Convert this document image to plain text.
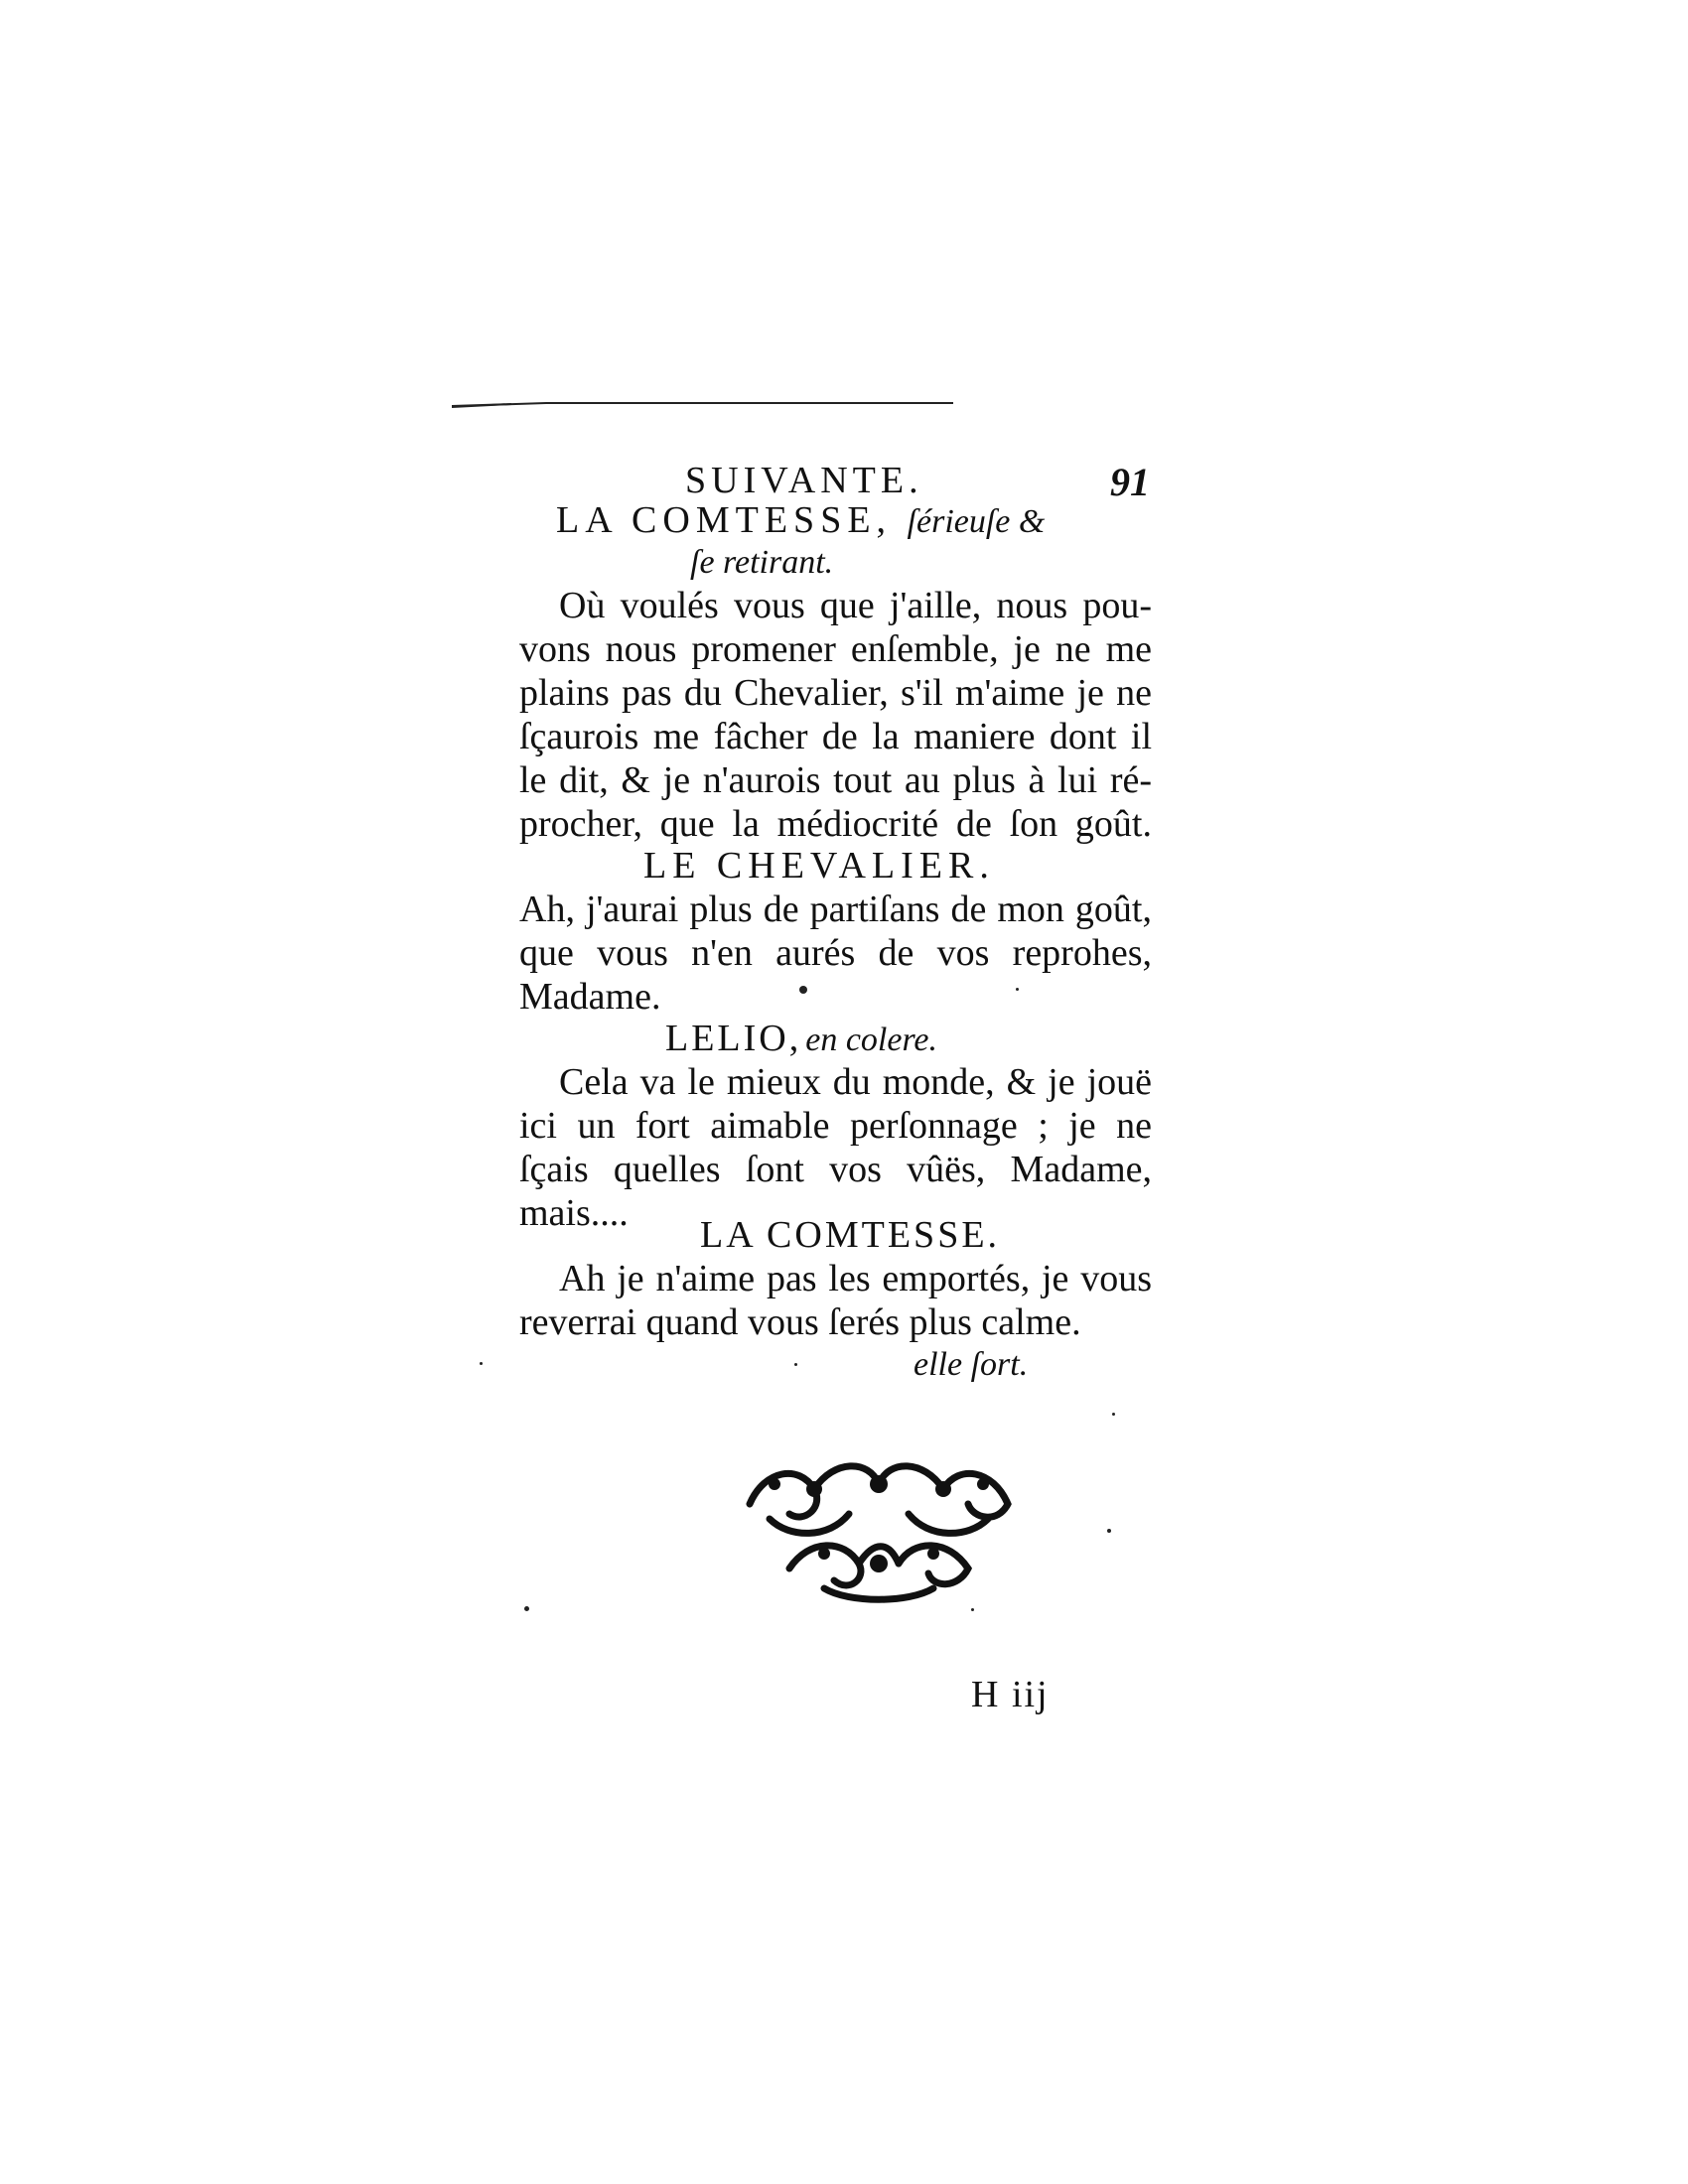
SUIVANTE.	91
LA COMTESSE, ſérieuſe &
ſe retirant.
Où voulés vous que j'aille, nous pou-
vons nous promener enſemble, je ne me
plains pas du Chevalier, s'il m'aime je ne
ſçaurois me fâcher de la maniere dont il
le dit, & je n'aurois tout au plus à lui ré-
procher, que la médiocrité de ſon goût.
LE CHEVALIER.
Ah, j'aurai plus de partiſans de mon goût,
que vous n'en aurés de vos reprohes,
Madame.
LELIO, en colere.
Cela va le mieux du monde, & je jouë
ici un fort aimable perſonnage ; je ne
ſçais quelles ſont vos vûës, Madame,
mais....
LA COMTESSE.
Ah je n'aime pas les emportés, je vous
reverrai quand vous ſerés plus calme.
elle ſort.
H iij
